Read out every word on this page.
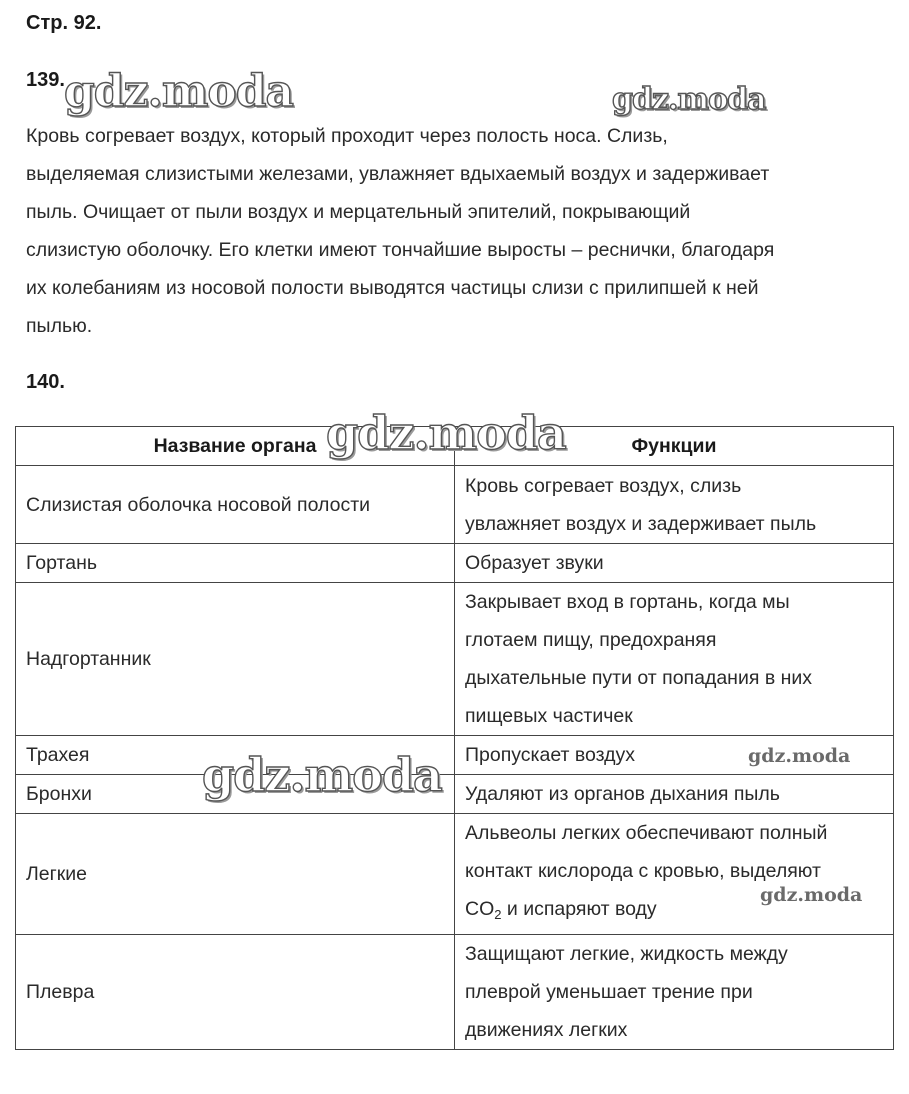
Стр. 92.
139.
Кровь согревает воздух, который проходит через полость носа. Слизь,
выделяемая слизистыми железами, увлажняет вдыхаемый воздух и задерживает
пыль. Очищает от пыли воздух и мерцательный эпителий, покрывающий
слизистую оболочку. Его клетки имеют тончайшие выросты – реснички, благодаря
их колебаниям из носовой полости выводятся частицы слизи с прилипшей к ней
пылью.
140.
Название органа	Функции
Слизистая оболочка носовой полости	Кровь согревает воздух, слизь
увлажняет воздух и задерживает пыль

Гортань	Образует звуки

Надгортанник	Закрывает вход в гортань, когда мы
глотаем пищу, предохраняя
дыхательные пути от попадания в них
пищевых частичек

Трахея	Пропускает воздух

Бронхи	Удаляют из органов дыхания пыль

Легкие	Альвеолы легких обеспечивают полный
контакт кислорода с кровью, выделяют
$CO_2$ и испаряют воду

Плевра	Защищают легкие, жидкость между
плеврой уменьшает трение при
движениях легких
gdz.moda	gdz.moda
gdz.moda
gdz.moda	gdz.moda
gdz.moda
